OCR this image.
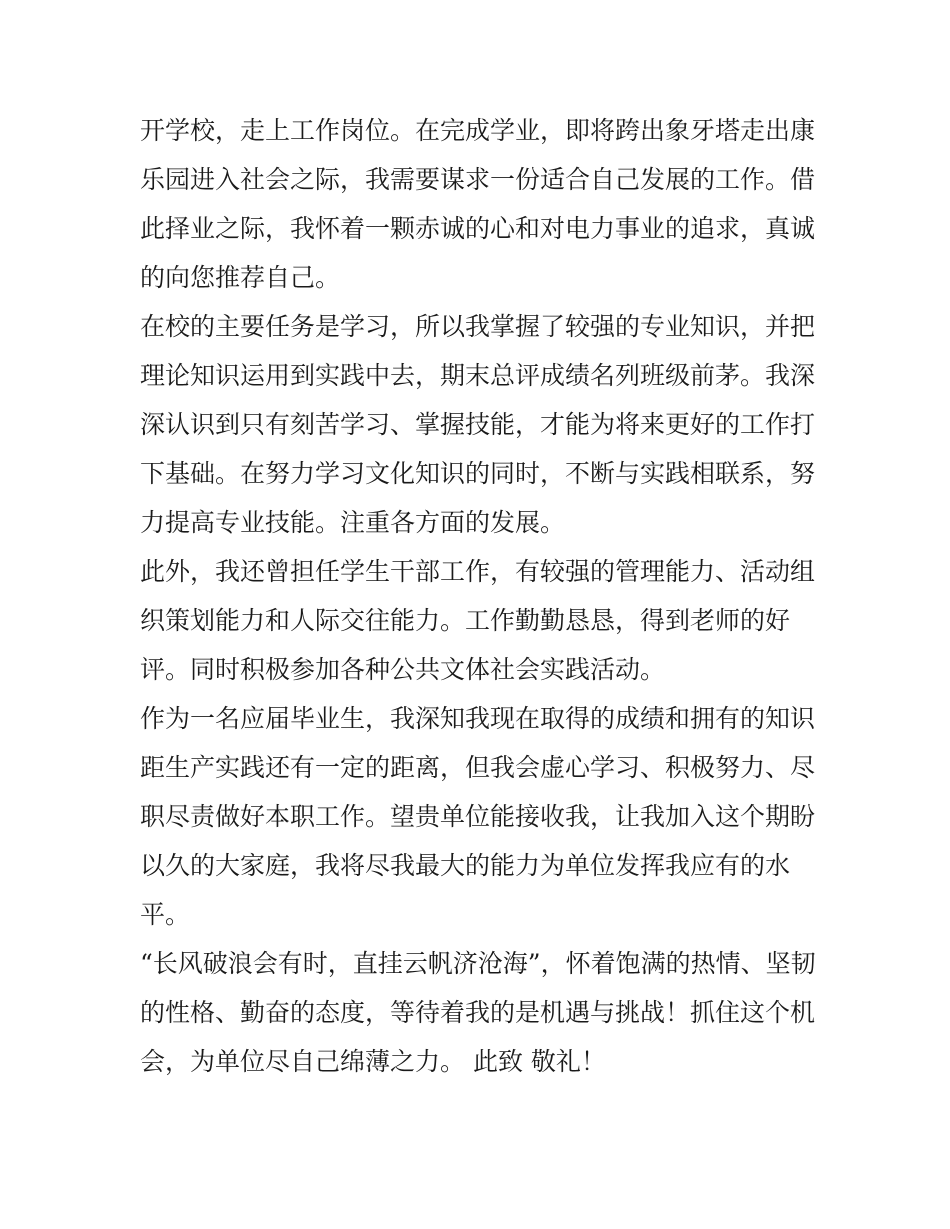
开学校，走上工作岗位。在完成学业，即将跨出象牙塔走出康
乐园进入社会之际，我需要谋求一份适合自己发展的工作。借
此择业之际，我怀着一颗赤诚的心和对电力事业的追求，真诚
的向您推荐自己。
在校的主要任务是学习，所以我掌握了较强的专业知识，并把
理论知识运用到实践中去，期末总评成绩名列班级前茅。我深
深认识到只有刻苦学习、掌握技能，才能为将来更好的工作打
下基础。在努力学习文化知识的同时，不断与实践相联系，努
力提高专业技能。注重各方面的发展。
此外，我还曾担任学生干部工作，有较强的管理能力、活动组
织策划能力和人际交往能力。工作勤勤恳恳，得到老师的好
评。同时积极参加各种公共文体社会实践活动。
作为一名应届毕业生，我深知我现在取得的成绩和拥有的知识
距生产实践还有一定的距离，但我会虚心学习、积极努力、尽
职尽责做好本职工作。望贵单位能接收我，让我加入这个期盼
以久的大家庭，我将尽我最大的能力为单位发挥我应有的水
平。
“长风破浪会有时，直挂云帆济沧海”，怀着饱满的热情、坚韧
的性格、勤奋的态度，等待着我的是机遇与挑战！抓住这个机
会，为单位尽自己绵薄之力。 此致 敬礼！
